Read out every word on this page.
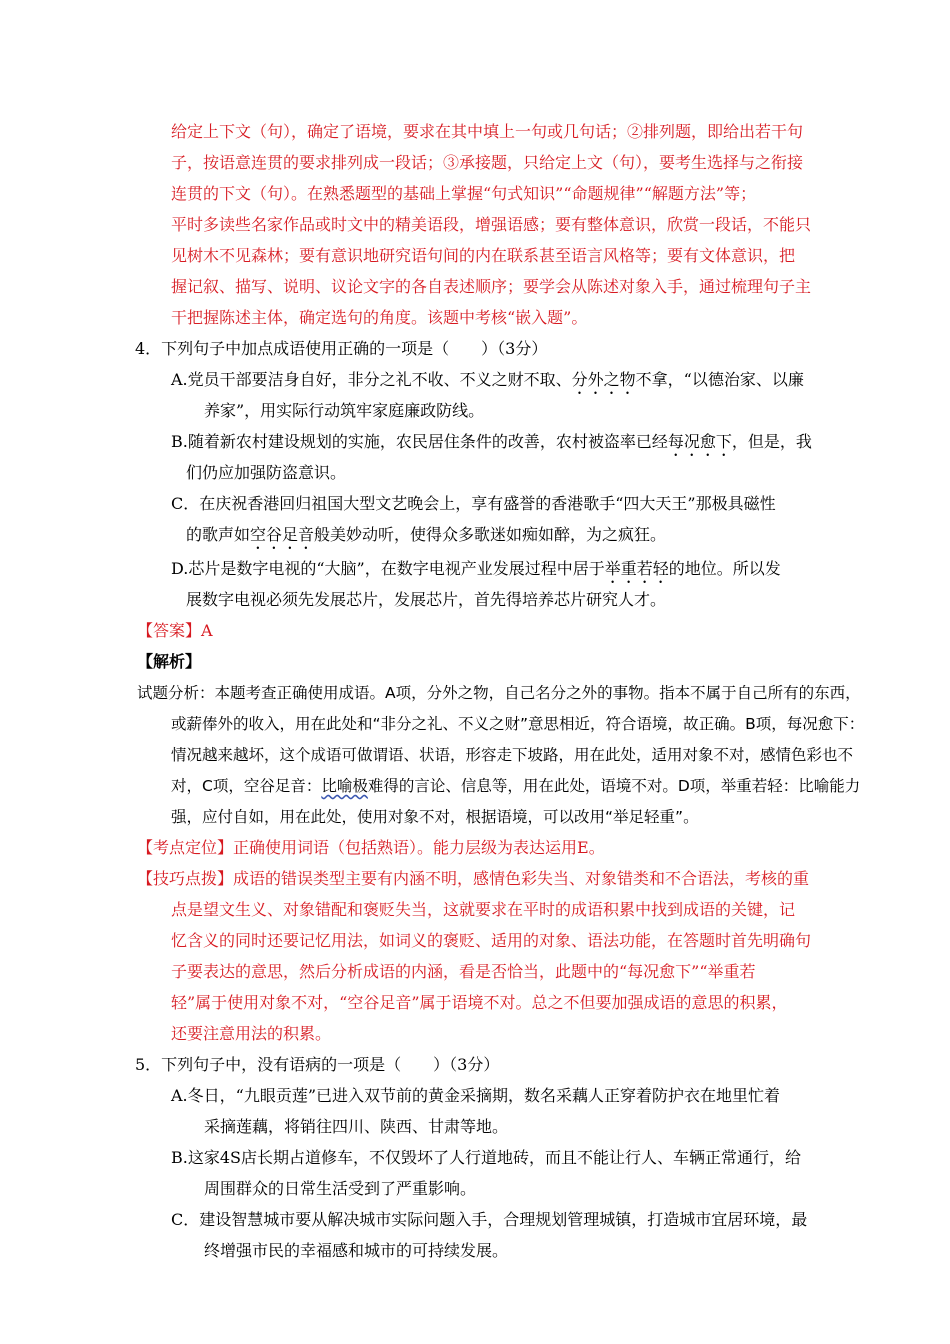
给定上下文（句），确定了语境，要求在其中填上一句或几句话；②排列题，即给出若干句
子，按语意连贯的要求排列成一段话；③承接题，只给定上文（句），要考生选择与之衔接
连贯的下文（句）。在熟悉题型的基础上掌握“句式知识”“命题规律”“解题方法”等；
平时多读些名家作品或时文中的精美语段，增强语感；要有整体意识，欣赏一段话，不能只
见树木不见森林；要有意识地研究语句间的内在联系甚至语言风格等；要有文体意识，把
握记叙、描写、说明、议论文字的各自表述顺序；要学会从陈述对象入手，通过梳理句子主
干把握陈述主体，确定选句的角度。该题中考核“嵌入题”。
4．下列句子中加点成语使用正确的一项是（　　）（3分）
A.党员干部要洁身自好，非分之礼不收、不义之财不取、分外之物不拿，“以德治家、以廉
养家”，用实际行动筑牢家庭廉政防线。
B.随着新农村建设规划的实施，农民居住条件的改善，农村被盗率已经每况愈下，但是，我
们仍应加强防盗意识。
C．在庆祝香港回归祖国大型文艺晚会上，享有盛誉的香港歌手“四大天王”那极具磁性
的歌声如空谷足音般美妙动听，使得众多歌迷如痴如醉，为之疯狂。
D.芯片是数字电视的“大脑”，在数字电视产业发展过程中居于举重若轻的地位。所以发
展数字电视必须先发展芯片，发展芯片，首先得培养芯片研究人才。
【答案】A
【解析】
试题分析：本题考查正确使用成语。A项，分外之物，自己名分之外的事物。指本不属于自己所有的东西，
或薪俸外的收入，用在此处和“非分之礼、不义之财”意思相近，符合语境，故正确。B项，每况愈下：
情况越来越坏，这个成语可做谓语、状语，形容走下坡路，用在此处，适用对象不对，感情色彩也不
对，C项，空谷足音：比喻极难得的言论、信息等，用在此处，语境不对。D项，举重若轻：比喻能力
强，应付自如，用在此处，使用对象不对，根据语境，可以改用“举足轻重”。
【考点定位】正确使用词语（包括熟语）。能力层级为表达运用E。
【技巧点拨】成语的错误类型主要有内涵不明，感情色彩失当、对象错类和不合语法，考核的重
点是望文生义、对象错配和褒贬失当，这就要求在平时的成语积累中找到成语的关键，记
忆含义的同时还要记忆用法，如词义的褒贬、适用的对象、语法功能，在答题时首先明确句
子要表达的意思，然后分析成语的内涵，看是否恰当，此题中的“每况愈下”“举重若
轻”属于使用对象不对，“空谷足音”属于语境不对。总之不但要加强成语的意思的积累，
还要注意用法的积累。
5．下列句子中，没有语病的一项是（　　）（3分）
A.冬日，“九眼贡莲”已进入双节前的黄金采摘期，数名采藕人正穿着防护衣在地里忙着
采摘莲藕，将销往四川、陕西、甘肃等地。
B.这家4S店长期占道修车，不仅毁坏了人行道地砖，而且不能让行人、车辆正常通行，给
周围群众的日常生活受到了严重影响。
C．建设智慧城市要从解决城市实际问题入手，合理规划管理城镇，打造城市宜居环境，最
终增强市民的幸福感和城市的可持续发展。
